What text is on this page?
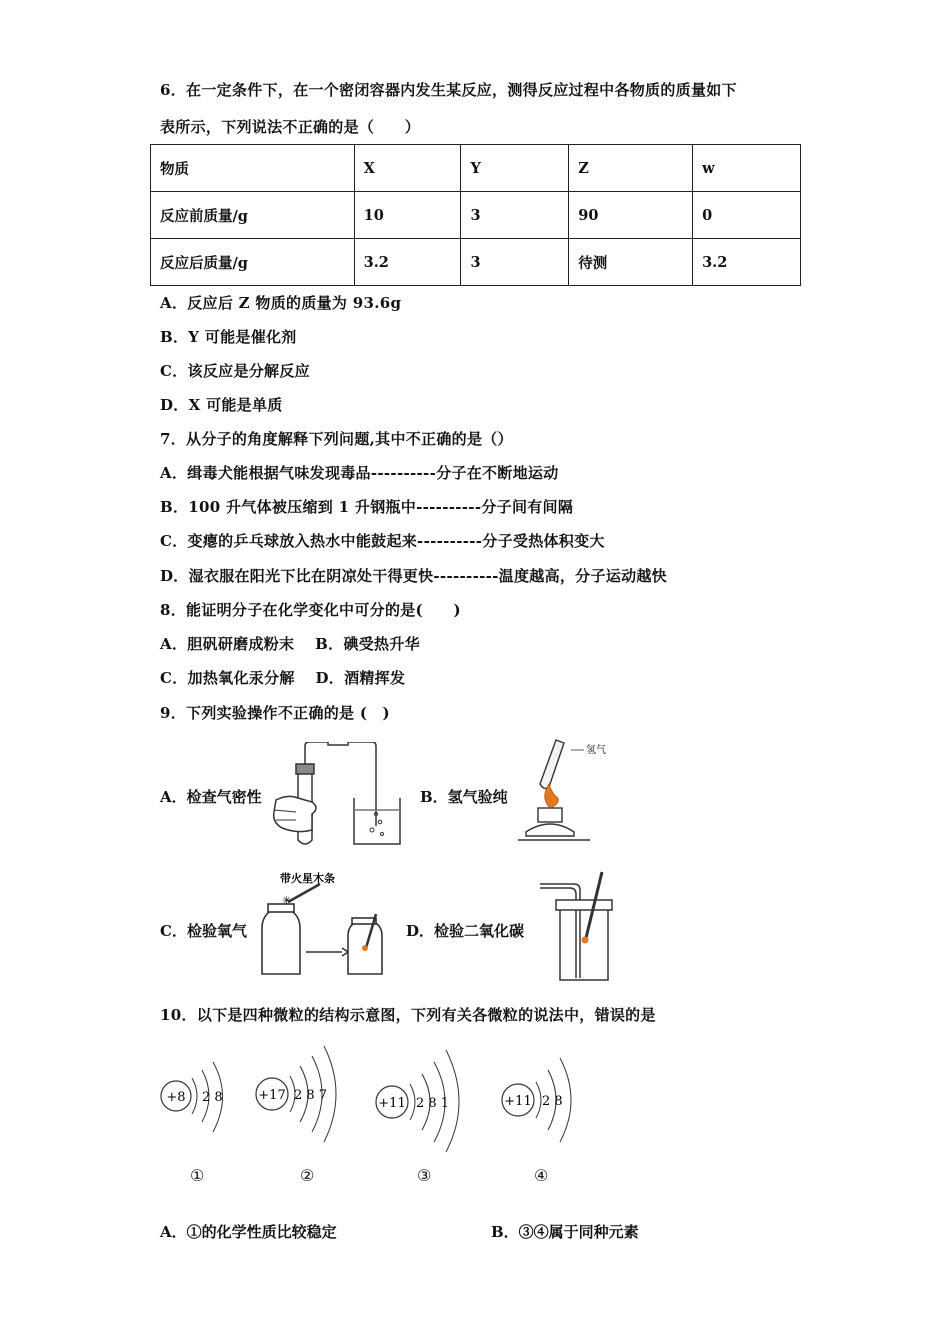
6．在一定条件下，在一个密闭容器内发生某反应，测得反应过程中各物质的质量如下
表所示，下列说法不正确的是（　　）
物质	X	Y	Z	w
反应前质量/g	10	3	90	0
反应后质量/g	3.2	3	待测	3.2
A．反应后 Z 物质的质量为 93.6g
B．Y 可能是催化剂
C．该反应是分解反应
D．X 可能是单质
7．从分子的角度解释下列问题,其中不正确的是（）
A．缉毒犬能根据气味发现毒品----------分子在不断地运动
B．100 升气体被压缩到 1 升钢瓶中----------分子间有间隔
C．变瘪的乒乓球放入热水中能鼓起来----------分子受热体积变大
D．湿衣服在阳光下比在阴凉处干得更快----------温度越高，分子运动越快
8．能证明分子在化学变化中可分的是(　　)
A．胆矾研磨成粉末　 B．碘受热升华
C．加热氧化汞分解　 D．酒精挥发
9．下列实验操作不正确的是 (　)
A．检查气密性	B．氢气验纯
氢气
C．检验氧气
带火星木条
✳
D．检验二氧化碳
10．以下是四种微粒的结构示意图，下列有关各微粒的说法中，错误的是
+8 2 8	+17 2 8 7
+11 2 8 1	+11 2 8
①	②	③	④
A．①的化学性质比较稳定	B．③④属于同种元素
